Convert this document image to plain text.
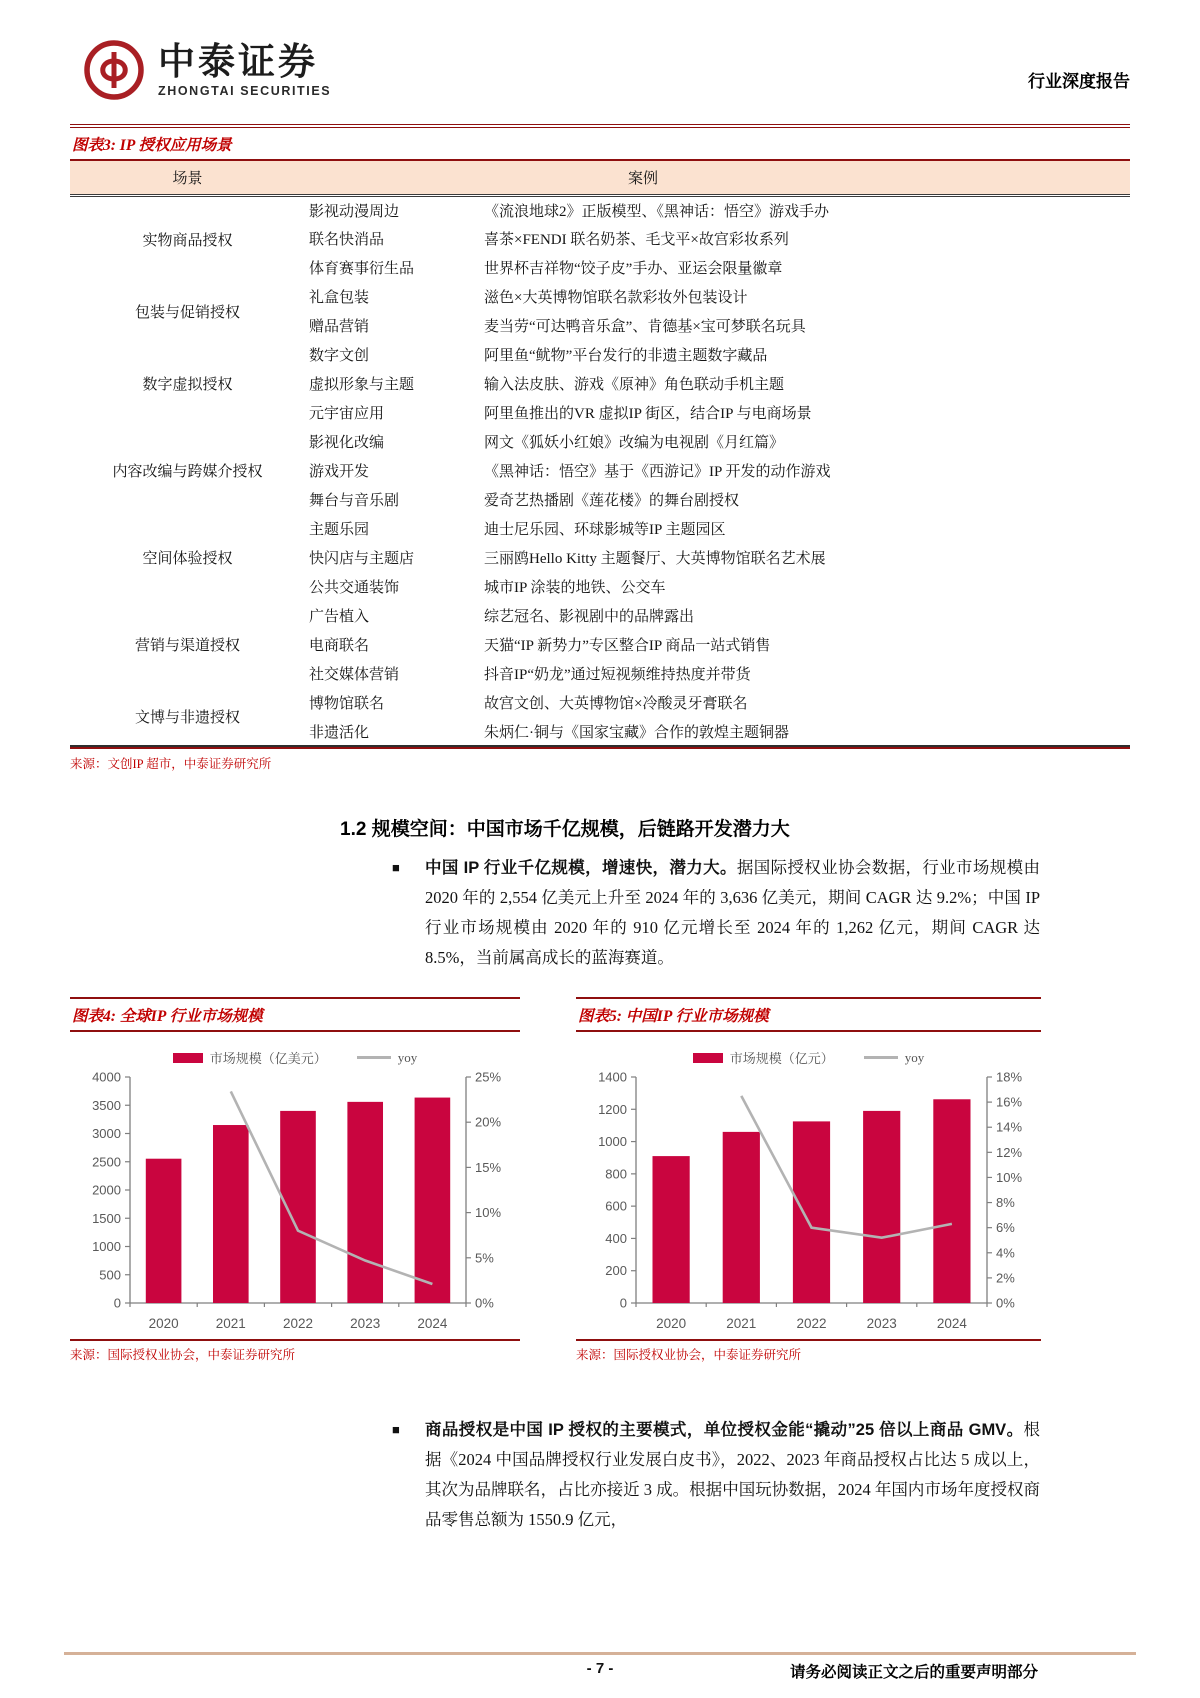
中泰证券
ZHONGTAI SECURITIES	行业深度报告
图表3: IP 授权应用场景
场景	案例	
实物商品授权	影视动漫周边	《流浪地球2》正版模型、《黑神话：悟空》游戏手办
	联名快消品	喜茶×FENDI 联名奶茶、毛戈平×故宫彩妆系列
	体育赛事衍生品	世界杯吉祥物“饺子皮”手办、亚运会限量徽章
包装与促销授权	礼盒包装	滋色×大英博物馆联名款彩妆外包装设计
	赠品营销	麦当劳“可达鸭音乐盒”、肯德基×宝可梦联名玩具
数字虚拟授权	数字文创	阿里鱼“鱿物”平台发行的非遗主题数字藏品
	虚拟形象与主题	输入法皮肤、游戏《原神》角色联动手机主题
	元宇宙应用	阿里鱼推出的VR 虚拟IP 街区，结合IP 与电商场景
内容改编与跨媒介授权	影视化改编	网文《狐妖小红娘》改编为电视剧《月红篇》
	游戏开发	《黑神话：悟空》基于《西游记》IP 开发的动作游戏
	舞台与音乐剧	爱奇艺热播剧《莲花楼》的舞台剧授权
空间体验授权	主题乐园	迪士尼乐园、环球影城等IP 主题园区
	快闪店与主题店	三丽鸥Hello Kitty 主题餐厅、大英博物馆联名艺术展
	公共交通装饰	城市IP 涂装的地铁、公交车
营销与渠道授权	广告植入	综艺冠名、影视剧中的品牌露出
	电商联名	天猫“IP 新势力”专区整合IP 商品一站式销售
	社交媒体营销	抖音IP“奶龙”通过短视频维持热度并带货
文博与非遗授权	博物馆联名	故宫文创、大英博物馆×冷酸灵牙膏联名
	非遗活化	朱炳仁·铜与《国家宝藏》合作的敦煌主题铜器
来源：文创IP 超市，中泰证券研究所
1.2 规模空间：中国市场千亿规模，后链路开发潜力大
■ 中国 IP 行业千亿规模，增速快，潜力大。据国际授权业协会数据，行业市场规模由 2020 年的 2,554 亿美元上升至 2024 年的 3,636 亿美元，期间 CAGR 达 9.2%；中国 IP 行业市场规模由 2020 年的 910 亿元增长至 2024 年的 1,262 亿元，期间 CAGR 达 8.5%，当前属高成长的蓝海赛道。
图表4: 全球IP 行业市场规模
市场规模（亿美元）	yoy
0
500
1000
1500
2000
2500
3000
3500
4000
0%
5%
10%
15%
20%
25%
2020	2021	2022	2023	2024
来源：国际授权业协会，中泰证券研究所
图表5: 中国IP 行业市场规模
市场规模（亿元）	yoy
0
200
400
600
800
1000
1200
1400
0%
2%
4%
6%
8%
10%
12%
14%
16%
18%
2020	2021	2022	2023	2024
来源：国际授权业协会，中泰证券研究所
■ 商品授权是中国 IP 授权的主要模式，单位授权金能“撬动”25 倍以上商品 GMV。根据《2024 中国品牌授权行业发展白皮书》，2022、2023 年商品授权占比达 5 成以上，其次为品牌联名，占比亦接近 3 成。根据中国玩协数据，2024 年国内市场年度授权商品零售总额为 1550.9 亿元，
- 7 -	请务必阅读正文之后的重要声明部分
